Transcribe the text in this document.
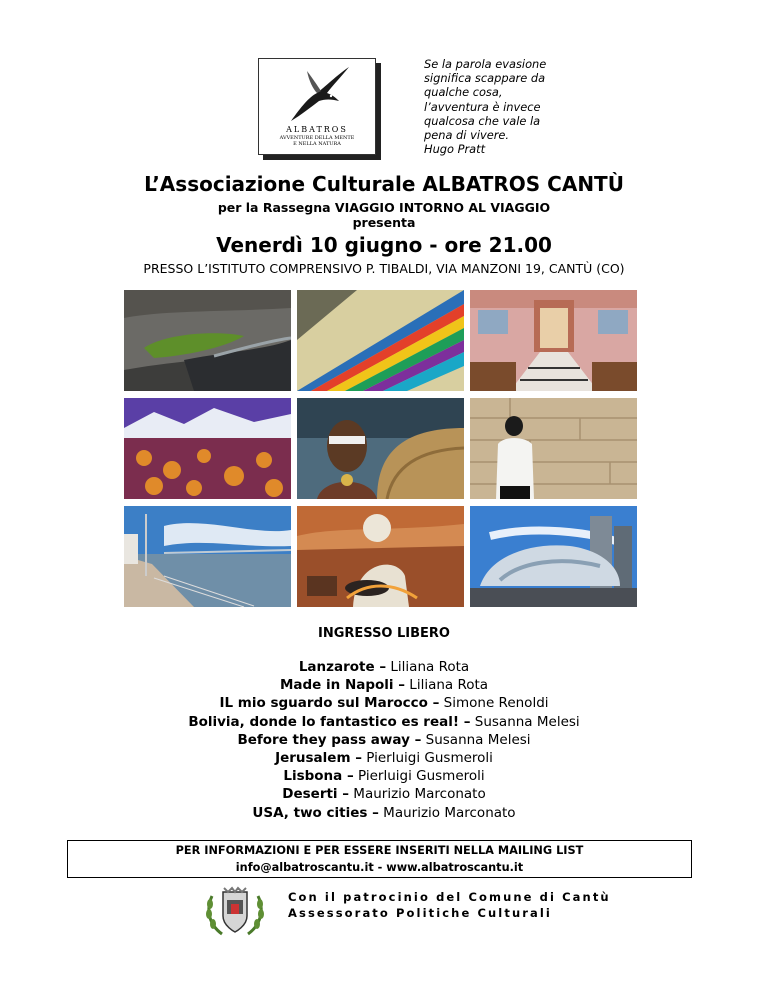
ALBATROS
AVVENTURE DELLA MENTE
E NELLA NATURA
Se la parola evasione
significa scappare da
qualche cosa,
l’avventura è invece
qualcosa che vale la
pena di vivere.
Hugo Pratt
L’Associazione Culturale ALBATROS CANTÙ
per la Rassegna VIAGGIO INTORNO AL VIAGGIO
presenta
Venerdì 10 giugno - ore 21.00
PRESSO L’ISTITUTO COMPRENSIVO P. TIBALDI, VIA MANZONI 19, CANTÙ (CO)
INGRESSO LIBERO
Lanzarote – Liliana Rota
Made in Napoli – Liliana Rota
IL mio sguardo sul Marocco – Simone Renoldi
Bolivia, donde lo fantastico es real! – Susanna Melesi
Before they pass away – Susanna Melesi
Jerusalem – Pierluigi Gusmeroli
Lisbona – Pierluigi Gusmeroli
Deserti – Maurizio Marconato
USA, two cities – Maurizio Marconato
PER INFORMAZIONI E PER ESSERE INSERITI NELLA MAILING LIST
info@albatroscantu.it - www.albatroscantu.it
Con il patrocinio del Comune di Cantù
Assessorato Politiche Culturali
